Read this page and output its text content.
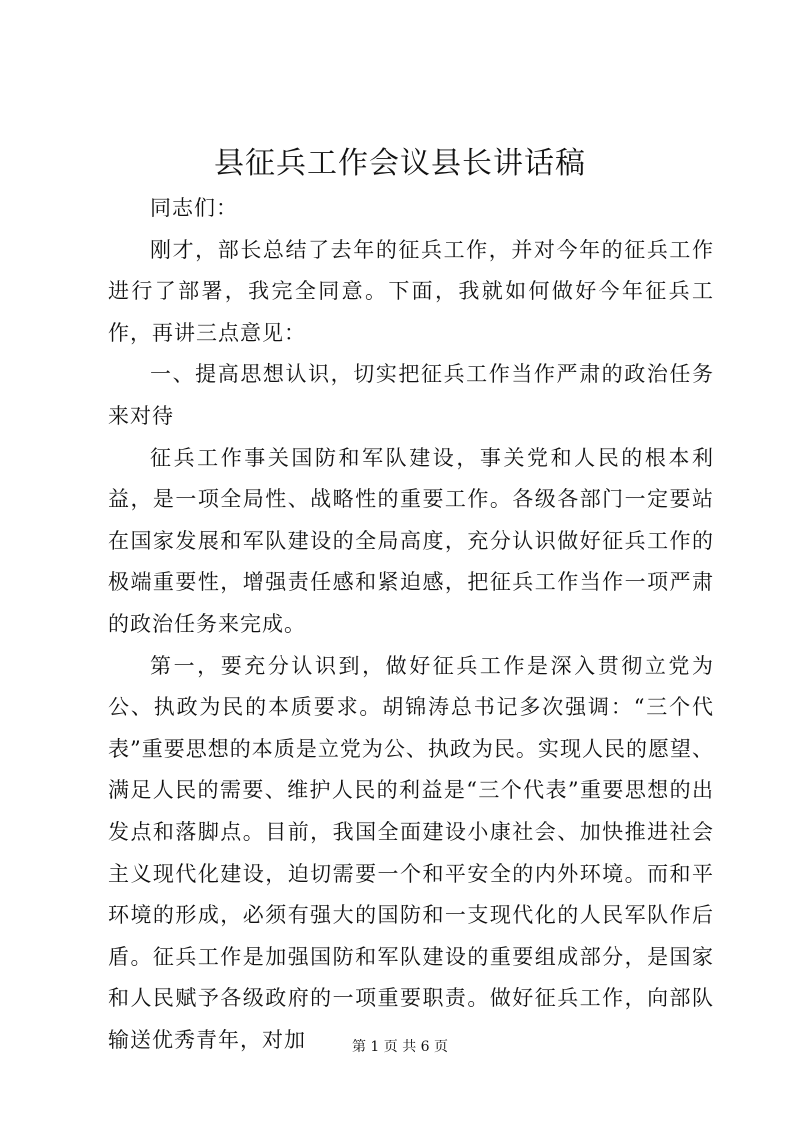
县征兵工作会议县长讲话稿

同志们：

刚才，部长总结了去年的征兵工作，并对今年的征兵工作进行了部署，我完全同意。下面，我就如何做好今年征兵工作，再讲三点意见：

一、提高思想认识，切实把征兵工作当作严肃的政治任务来对待

征兵工作事关国防和军队建设，事关党和人民的根本利益，是一项全局性、战略性的重要工作。各级各部门一定要站在国家发展和军队建设的全局高度，充分认识做好征兵工作的极端重要性，增强责任感和紧迫感，把征兵工作当作一项严肃的政治任务来完成。

第一，要充分认识到，做好征兵工作是深入贯彻立党为公、执政为民的本质要求。胡锦涛总书记多次强调：“三个代表”重要思想的本质是立党为公、执政为民。实现人民的愿望、满足人民的需要、维护人民的利益是“三个代表”重要思想的出发点和落脚点。目前，我国全面建设小康社会、加快推进社会主义现代化建设，迫切需要一个和平安全的内外环境。而和平环境的形成，必须有强大的国防和一支现代化的人民军队作后盾。征兵工作是加强国防和军队建设的重要组成部分，是国家和人民赋予各级政府的一项重要职责。做好征兵工作，向部队输送优秀青年，对加	第 1 页 共 6 页
